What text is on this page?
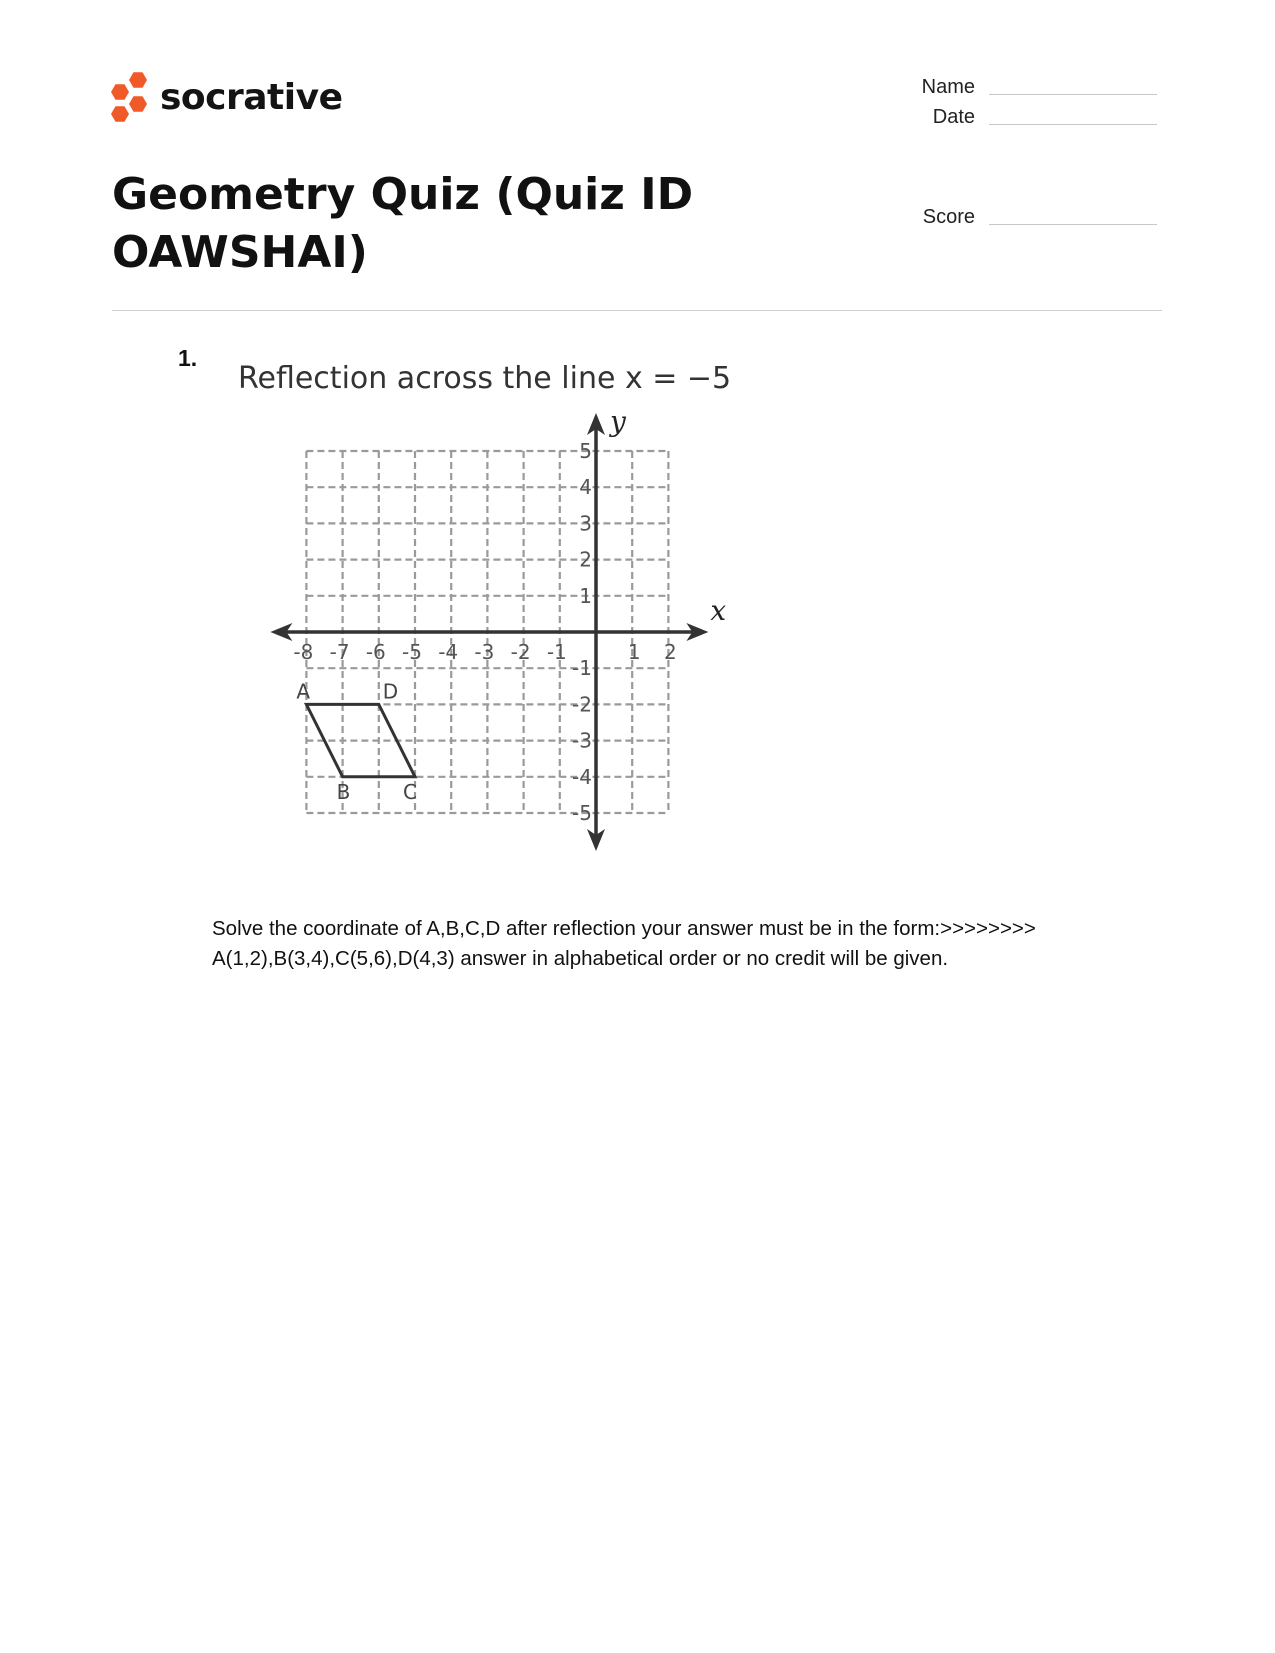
socrative	Name
Date
Score
Geometry Quiz (Quiz ID OAWSHAI)
1.
Reflection across the line x = −5
-8 -7 -6 -5 -4 -3 -2 -1	1 2
5
4
3
2
1
-1
-2
-3
-4
-5
A
B	C
D
x
y

Solve the coordinate of A,B,C,D after reflection your answer must be in the form:>>>>>>>>

A(1,2),B(3,4),C(5,6),D(4,3) answer in alphabetical order or no credit will be given.
